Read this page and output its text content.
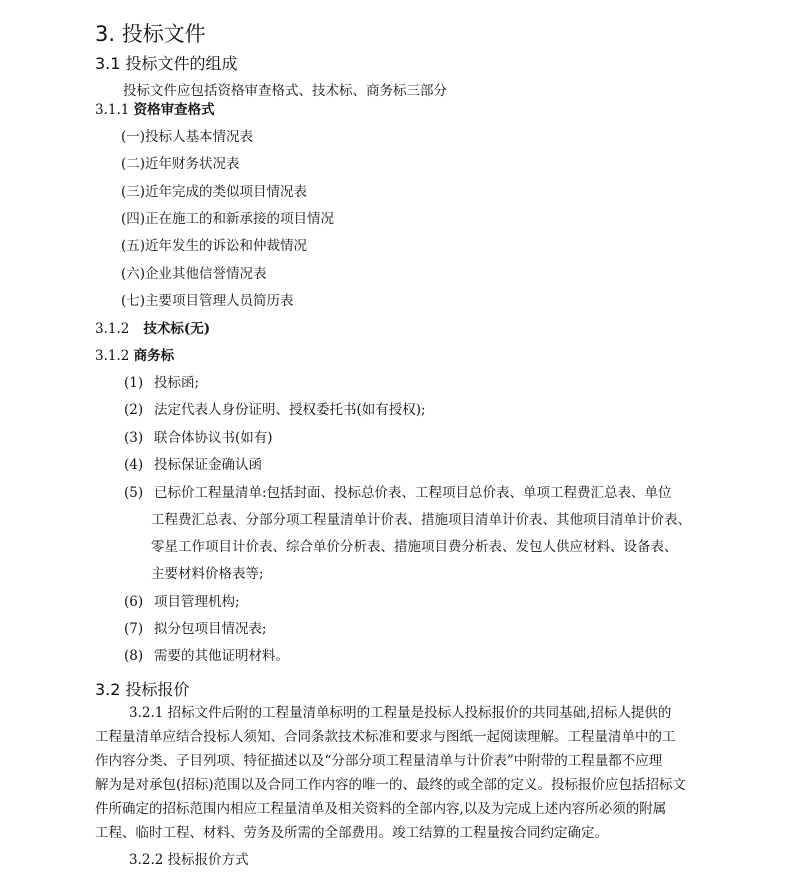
3. 投标文件
3.1 投标文件的组成
投标文件应包括资格审查格式、技术标、商务标三部分
3.1.1 资格审查格式
(一)投标人基本情况表
(二)近年财务状况表
(三)近年完成的类似项目情况表
(四)正在施工的和新承接的项目情况
(五)近年发生的诉讼和仲裁情况
(六)企业其他信誉情况表
(七)主要项目管理人员简历表
3.1.2 技术标(无)
3.1.2 商务标
(1) 投标函;
(2) 法定代表人身份证明、授权委托书(如有授权);
(3) 联合体协议书(如有)
(4) 投标保证金确认函
(5) 已标价工程量清单:包括封面、投标总价表、工程项目总价表、单项工程费汇总表、单位
工程费汇总表、分部分项工程量清单计价表、措施项目清单计价表、其他项目清单计价表、
零星工作项目计价表、综合单价分析表、措施项目费分析表、发包人供应材料、设备表、
主要材料价格表等;
(6) 项目管理机构;
(7) 拟分包项目情况表;
(8) 需要的其他证明材料。
3.2 投标报价
3.2.1 招标文件后附的工程量清单标明的工程量是投标人投标报价的共同基础,招标人提供的
工程量清单应结合投标人须知、合同条款技术标准和要求与图纸一起阅读理解。工程量清单中的工
作内容分类、子目列项、特征描述以及“分部分项工程量清单与计价表”中附带的工程量都不应理
解为是对承包(招标)范围以及合同工作内容的唯一的、最终的或全部的定义。投标报价应包括招标文
件所确定的招标范围内相应工程量清单及相关资料的全部内容,以及为完成上述内容所必须的附属
工程、临时工程、材料、劳务及所需的全部费用。竣工结算的工程量按合同约定确定。
3.2.2 投标报价方式
